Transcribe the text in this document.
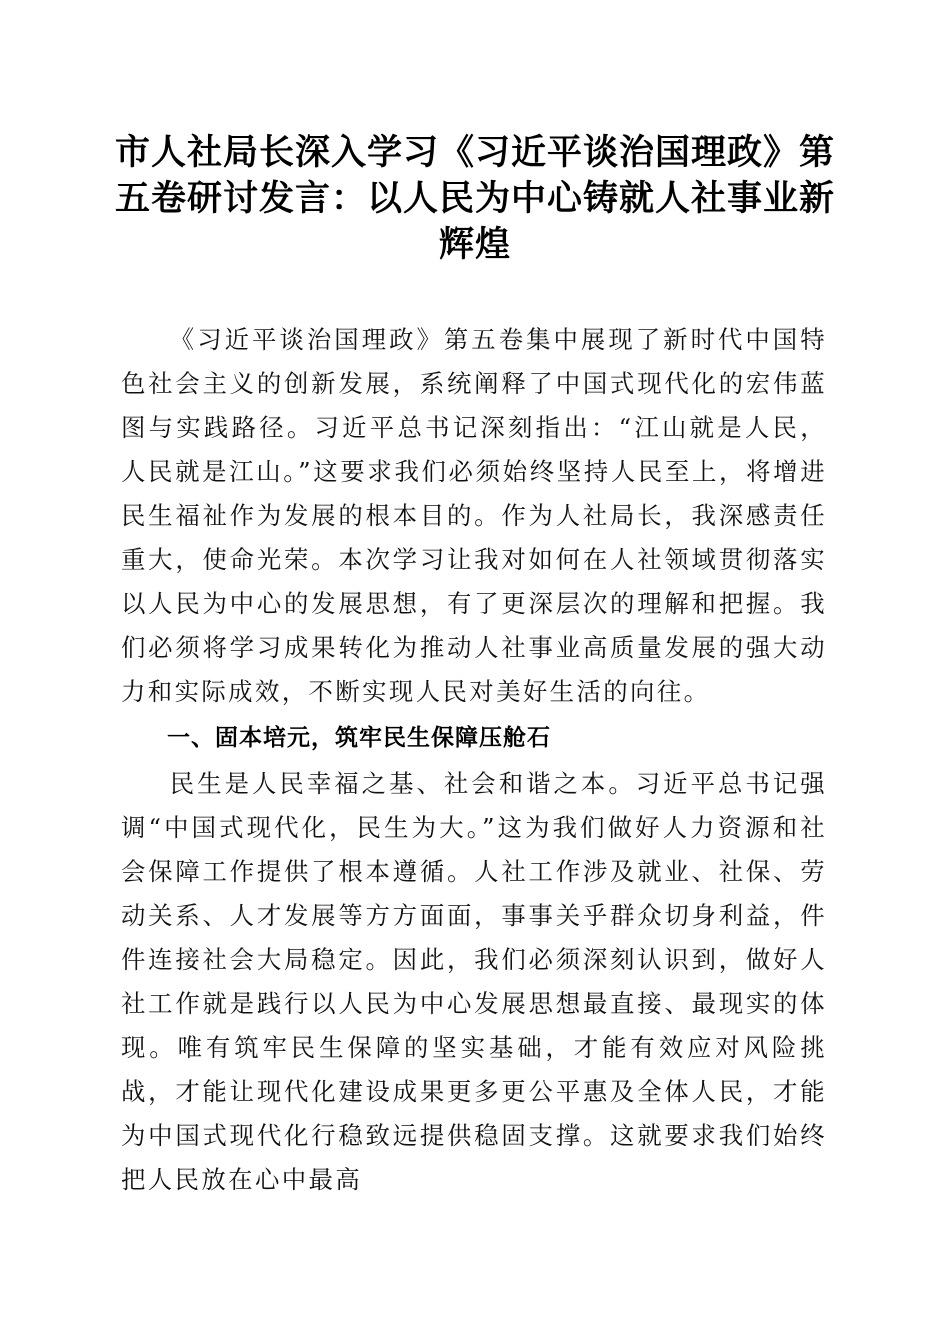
市人社局长深入学习《习近平谈治国理政》第五卷研讨发言：以人民为中心铸就人社事业新辉煌

《习近平谈治国理政》第五卷集中展现了新时代中国特色社会主义的创新发展，系统阐释了中国式现代化的宏伟蓝图与实践路径。习近平总书记深刻指出：“江山就是人民，人民就是江山。”这要求我们必须始终坚持人民至上，将增进民生福祉作为发展的根本目的。作为人社局长，我深感责任重大，使命光荣。本次学习让我对如何在人社领域贯彻落实以人民为中心的发展思想，有了更深层次的理解和把握。我们必须将学习成果转化为推动人社事业高质量发展的强大动力和实际成效，不断实现人民对美好生活的向往。

一、固本培元，筑牢民生保障压舱石

民生是人民幸福之基、社会和谐之本。习近平总书记强调“中国式现代化，民生为大。”这为我们做好人力资源和社会保障工作提供了根本遵循。人社工作涉及就业、社保、劳动关系、人才发展等方方面面，事事关乎群众切身利益，件件连接社会大局稳定。因此，我们必须深刻认识到，做好人社工作就是践行以人民为中心发展思想最直接、最现实的体现。唯有筑牢民生保障的坚实基础，才能有效应对风险挑战，才能让现代化建设成果更多更公平惠及全体人民，才能为中国式现代化行稳致远提供稳固支撑。这就要求我们始终把人民放在心中最高
